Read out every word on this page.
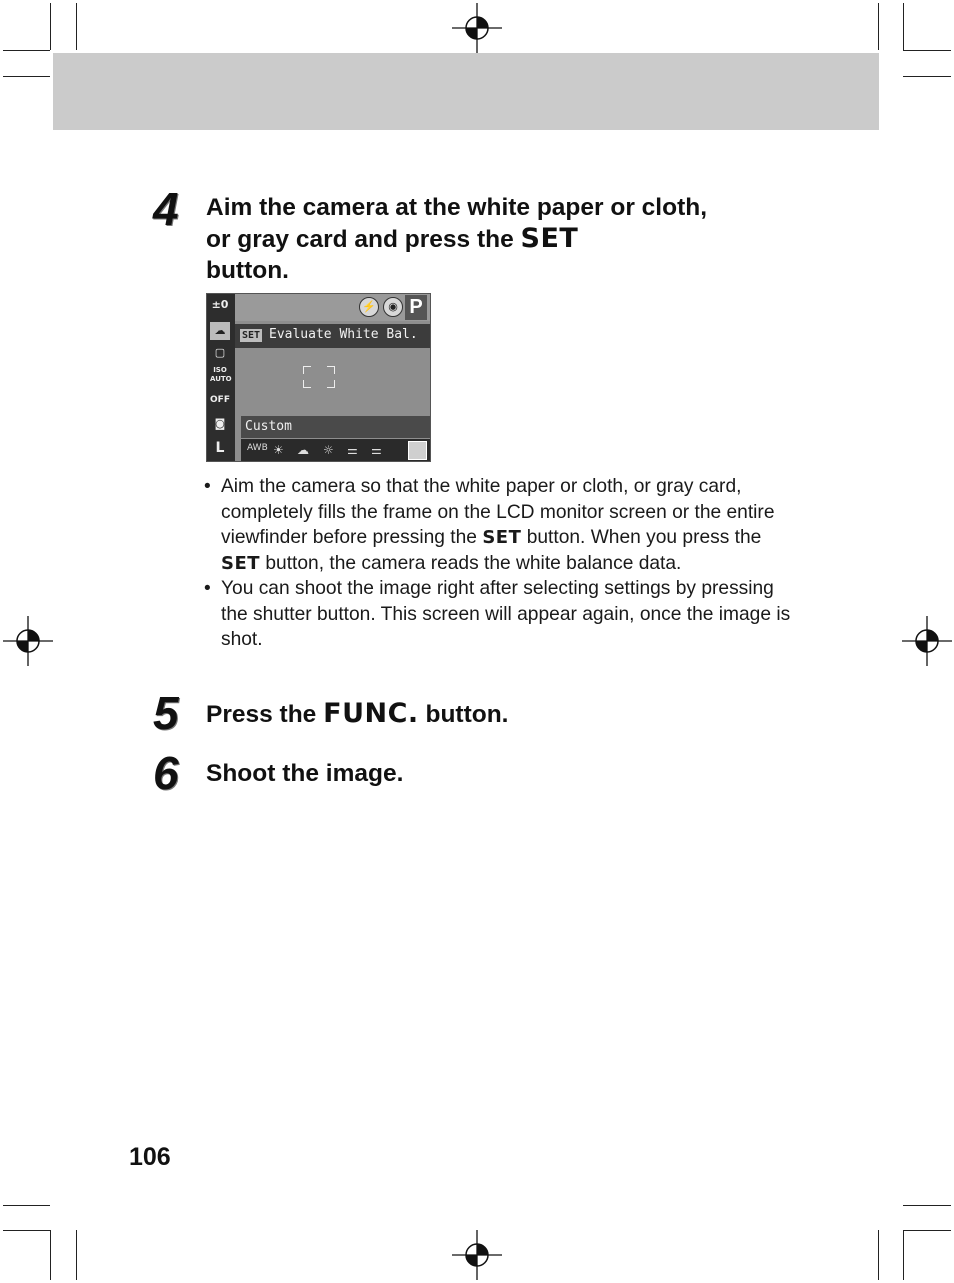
4 Aim the camera at the white paper or cloth, or gray card and press the SET
button.
±0
☁
▢
ISO AUTO
OFF
◙
L
⚡	◉ P
SET Evaluate White Bal.
Custom
AWB ☀ ☁ ☼ ⚌ ⚌
• Aim the camera so that the white paper or cloth, or gray card, completely fills the frame on the LCD monitor screen or the entire viewfinder before pressing the SET button. When you press the SET button, the camera reads the white balance data.
• You can shoot the image right after selecting settings by pressing the shutter button. This screen will appear again, once the image is shot.
5 Press the FUNC. button.
6 Shoot the image.
106
